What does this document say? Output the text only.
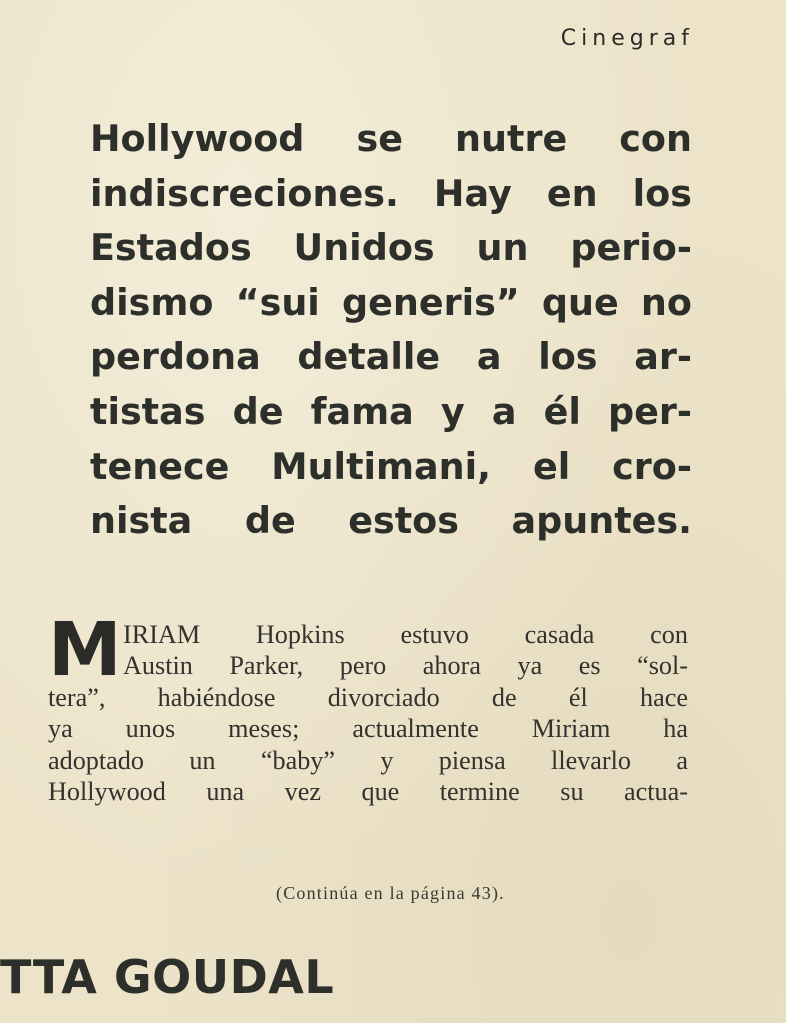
Cinegraf
Hollywood se nutre con
indiscreciones. Hay en los
Estados Unidos un perio-
dismo “sui generis” que no
perdona detalle a los ar-
tistas de fama y a él per-
tenece Multimani, el cro-
nista de estos apuntes.
M IRIAM Hopkins estuvo casada con
Austin Parker, pero ahora ya es “sol-
tera”, habiéndose divorciado de él hace
ya unos meses; actualmente Miriam ha
adoptado un “baby” y piensa llevarlo a
Hollywood una vez que termine su actua-
(Continúa en la página 43).
TTA GOUDAL
